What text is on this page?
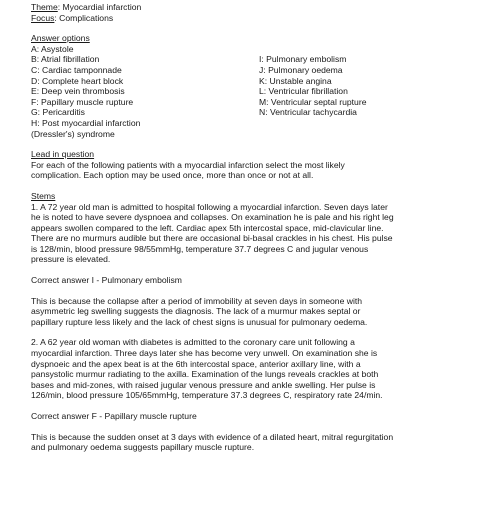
Theme: Myocardial infarction
Focus: Complications
Answer options
A: Asystole
B: Atrial fibrillation
C: Cardiac tamponnade
D: Complete heart block
E: Deep vein thrombosis
F: Papillary muscle rupture
G: Pericarditis
H: Post myocardial infarction
(Dressler's) syndrome
I: Pulmonary embolism
J: Pulmonary oedema
K: Unstable angina
L: Ventricular fibrillation
M: Ventricular septal rupture
N: Ventricular tachycardia
Lead in question
For each of the following patients with a myocardial infarction select the most likely
complication. Each option may be used once, more than once or not at all.
Stems
1. A 72 year old man is admitted to hospital following a myocardial infarction. Seven days later
he is noted to have severe dyspnoea and collapses. On examination he is pale and his right leg
appears swollen compared to the left. Cardiac apex 5th intercostal space, mid-clavicular line.
There are no murmurs audible but there are occasional bi-basal crackles in his chest. His pulse
is 128/min, blood pressure 98/55mmHg, temperature 37.7 degrees C and jugular venous
pressure is elevated.
Correct answer I - Pulmonary embolism
This is because the collapse after a period of immobility at seven days in someone with
asymmetric leg swelling suggests the diagnosis. The lack of a murmur makes septal or
papillary rupture less likely and the lack of chest signs is unusual for pulmonary oedema.
2. A 62 year old woman with diabetes is admitted to the coronary care unit following a
myocardial infarction. Three days later she has become very unwell. On examination she is
dyspnoeic and the apex beat is at the 6th intercostal space, anterior axillary line, with a
pansystolic murmur radiating to the axilla. Examination of the lungs reveals crackles at both
bases and mid-zones, with raised jugular venous pressure and ankle swelling. Her pulse is
126/min, blood pressure 105/65mmHg, temperature 37.3 degrees C, respiratory rate 24/min.
Correct answer F - Papillary muscle rupture
This is because the sudden onset at 3 days with evidence of a dilated heart, mitral regurgitation
and pulmonary oedema suggests papillary muscle rupture.
